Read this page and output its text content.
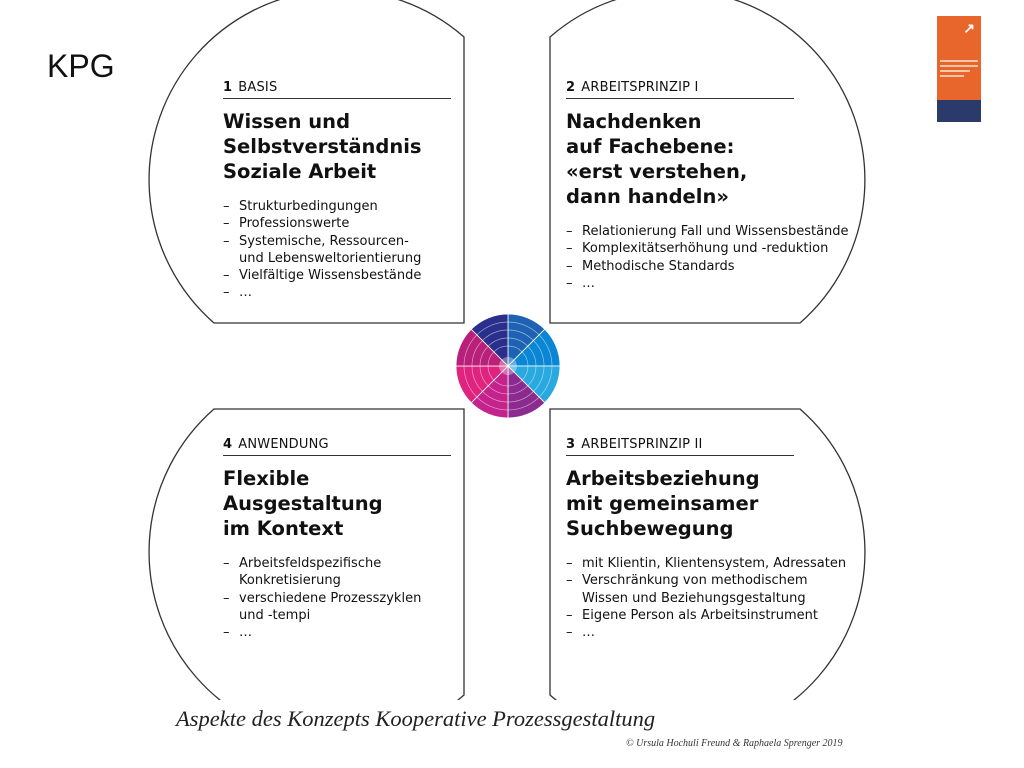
KPG
1 BASIS
Wissen und
Selbstverständnis
Soziale Arbeit
– Strukturbedingungen
– Professionswerte
– Systemische, Ressourcen-
und Lebensweltorientierung
– Vielfältige Wissensbestände
– …
2 ARBEITSPRINZIP I
Nachdenken
auf Fachebene:
«erst verstehen,
dann handeln»
– Relationierung Fall und Wissensbestände
– Komplexitätserhöhung und -reduktion
– Methodische Standards
– …
4 ANWENDUNG
Flexible
Ausgestaltung
im Kontext
– Arbeitsfeldspezifische
Konkretisierung
– verschiedene Prozesszyklen
und -tempi
– …
3 ARBEITSPRINZIP II
Arbeitsbeziehung
mit gemeinsamer
Suchbewegung
– mit Klientin, Klientensystem, Adressaten
– Verschränkung von methodischem
Wissen und Beziehungsgestaltung
– Eigene Person als Arbeitsinstrument
– …
Aspekte des Konzepts Kooperative Prozessgestaltung
© Ursula Hochuli Freund & Raphaela Sprenger 2019
↗
